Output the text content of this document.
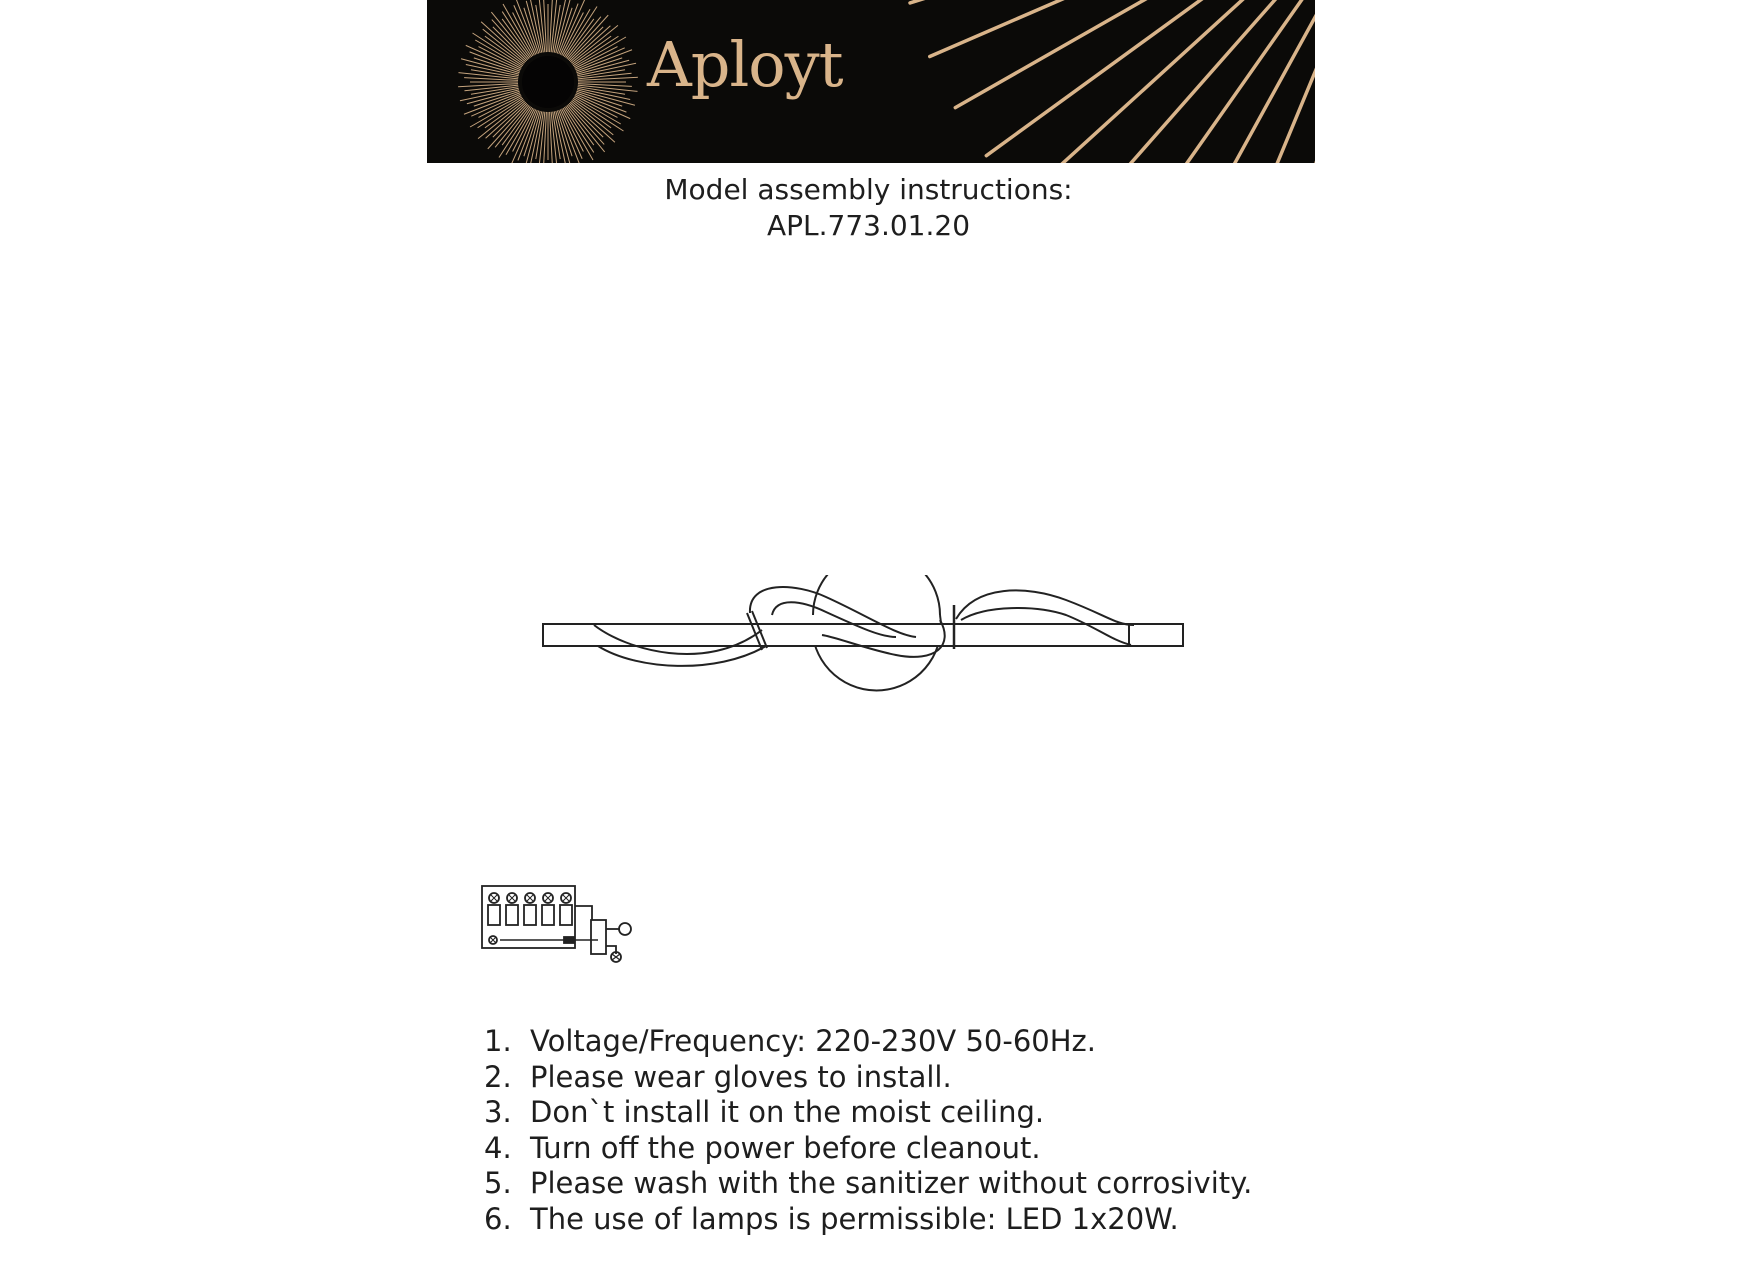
Aployt
Model assembly instructions:
APL.773.01.20
1. Voltage/Frequency: 220-230V 50-60Hz.
2. Please wear gloves to install.
3. Don`t install it on the moist ceiling.
4. Turn off the power before cleanout.
5. Please wash with the sanitizer without corrosivity.
6. The use of lamps is permissible: LED 1x20W.
